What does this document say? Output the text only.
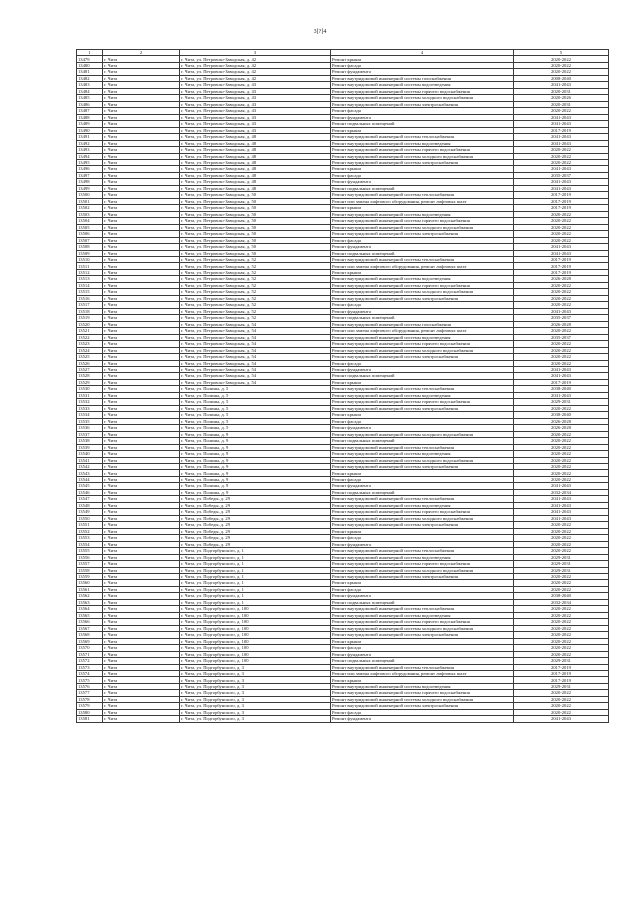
3[?]4
1	2	3	4	5
13479	г. Чита	г. Чита, ул. Петровско-Заводская, д. 42	Ремонт крыши	2020-2022
13480	г. Чита	г. Чита, ул. Петровско-Заводская, д. 42	Ремонт фасада	2020-2022
13481	г. Чита	г. Чита, ул. Петровско-Заводская, д. 42	Ремонт фундамента	2020-2022
13482	г. Чита	г. Чита, ул. Петровско-Заводская, д. 42	Ремонт внутридомовой инженерной системы газоснабжения	2008-2040
13483	г. Чита	г. Чита, ул. Петровско-Заводская, д. 43	Ремонт внутридомовой инженерной системы водоотведения	2041-2043
13484	г. Чита	г. Чита, ул. Петровско-Заводская, д. 43	Ремонт внутридомовой инженерной системы горячего водоснабжения	2020-2031
13485	г. Чита	г. Чита, ул. Петровско-Заводская, д. 43	Ремонт внутридомовой инженерной системы холодного водоснабжения	2020-2026
13486	г. Чита	г. Чита, ул. Петровско-Заводская, д. 43	Ремонт внутридомовой инженерной системы электроснабжения	2020-2031
13487	г. Чита	г. Чита, ул. Петровско-Заводская, д. 43	Ремонт фасада	2020-2022
13488	г. Чита	г. Чита, ул. Петровско-Заводская, д. 43	Ремонт фундамента	2041-2043
13489	г. Чита	г. Чита, ул. Петровско-Заводская, д. 43	Ремонт подвальных помещений	2041-2043
13490	г. Чита	г. Чита, ул. Петровско-Заводская, д. 43	Ремонт крыши	2017-2019
13491	г. Чита	г. Чита, ул. Петровско-Заводская, д. 48	Ремонт внутридомовой инженерной системы теплоснабжения	2041-2043
13492	г. Чита	г. Чита, ул. Петровско-Заводская, д. 48	Ремонт внутридомовой инженерной системы водоотведения	2041-2043
13493	г. Чита	г. Чита, ул. Петровско-Заводская, д. 48	Ремонт внутридомовой инженерной системы горячего водоснабжения	2020-2022
13494	г. Чита	г. Чита, ул. Петровско-Заводская, д. 48	Ремонт внутридомовой инженерной системы холодного водоснабжения	2020-2022
13495	г. Чита	г. Чита, ул. Петровско-Заводская, д. 48	Ремонт внутридомовой инженерной системы электроснабжения	2020-2022
13496	г. Чита	г. Чита, ул. Петровско-Заводская, д. 48	Ремонт крыши	2041-2043
13497	г. Чита	г. Чита, ул. Петровско-Заводская, д. 48	Ремонт фасада	2035-2037
13498	г. Чита	г. Чита, ул. Петровско-Заводская, д. 48	Ремонт фундамента	2041-2043
13499	г. Чита	г. Чита, ул. Петровско-Заводская, д. 48	Ремонт подвальных помещений	2041-2043
13500	г. Чита	г. Чита, ул. Петровско-Заводская, д. 50	Ремонт внутридомовой инженерной системы теплоснабжения	2017-2019
13501	г. Чита	г. Чита, ул. Петровско-Заводская, д. 50	Ремонт или замена лифтового оборудования, ремонт лифтовых шахт	2017-2019
13502	г. Чита	г. Чита, ул. Петровско-Заводская, д. 50	Ремонт крыши	2017-2019
13503	г. Чита	г. Чита, ул. Петровско-Заводская, д. 50	Ремонт внутридомовой инженерной системы водоотведения	2020-2022
13504	г. Чита	г. Чита, ул. Петровско-Заводская, д. 50	Ремонт внутридомовой инженерной системы горячего водоснабжения	2020-2022
13505	г. Чита	г. Чита, ул. Петровско-Заводская, д. 50	Ремонт внутридомовой инженерной системы холодного водоснабжения	2020-2022
13506	г. Чита	г. Чита, ул. Петровско-Заводская, д. 50	Ремонт внутридомовой инженерной системы электроснабжения	2020-2022
13507	г. Чита	г. Чита, ул. Петровско-Заводская, д. 50	Ремонт фасада	2020-2022
13508	г. Чита	г. Чита, ул. Петровско-Заводская, д. 50	Ремонт фундамента	2041-2043
13509	г. Чита	г. Чита, ул. Петровско-Заводская, д. 50	Ремонт подвальных помещений	2041-2043
13510	г. Чита	г. Чита, ул. Петровско-Заводская, д. 52	Ремонт внутридомовой инженерной системы теплоснабжения	2017-2019
13511	г. Чита	г. Чита, ул. Петровско-Заводская, д. 52	Ремонт или замена лифтового оборудования, ремонт лифтовых шахт	2017-2019
13512	г. Чита	г. Чита, ул. Петровско-Заводская, д. 52	Ремонт крыши	2017-2019
13513	г. Чита	г. Чита, ул. Петровско-Заводская, д. 52	Ремонт внутридомовой инженерной системы водоотведения	2026-2028
13514	г. Чита	г. Чита, ул. Петровско-Заводская, д. 52	Ремонт внутридомовой инженерной системы горячего водоснабжения	2020-2022
13515	г. Чита	г. Чита, ул. Петровско-Заводская, д. 52	Ремонт внутридомовой инженерной системы холодного водоснабжения	2020-2022
13516	г. Чита	г. Чита, ул. Петровско-Заводская, д. 52	Ремонт внутридомовой инженерной системы электроснабжения	2020-2022
13517	г. Чита	г. Чита, ул. Петровско-Заводская, д. 52	Ремонт фасада	2020-2022
13518	г. Чита	г. Чита, ул. Петровско-Заводская, д. 52	Ремонт фундамента	2041-2043
13519	г. Чита	г. Чита, ул. Петровско-Заводская, д. 52	Ремонт подвальных помещений	2035-2037
13520	г. Чита	г. Чита, ул. Петровско-Заводская, д. 54	Ремонт внутридомовой инженерной системы газоснабжения	2026-2028
13521	г. Чита	г. Чита, ул. Петровско-Заводская, д. 54	Ремонт или замена лифтового оборудования, ремонт лифтовых шахт	2020-2022
13522	г. Чита	г. Чита, ул. Петровско-Заводская, д. 54	Ремонт внутридомовой инженерной системы водоотведения	2035-2037
13523	г. Чита	г. Чита, ул. Петровско-Заводская, д. 54	Ремонт внутридомовой инженерной системы горячего водоснабжения	2020-2022
13524	г. Чита	г. Чита, ул. Петровско-Заводская, д. 54	Ремонт внутридомовой инженерной системы холодного водоснабжения	2020-2022
13525	г. Чита	г. Чита, ул. Петровско-Заводская, д. 54	Ремонт внутридомовой инженерной системы электроснабжения	2020-2022
13526	г. Чита	г. Чита, ул. Петровско-Заводская, д. 54	Ремонт фасада	2020-2022
13527	г. Чита	г. Чита, ул. Петровско-Заводская, д. 54	Ремонт фундамента	2041-2043
13528	г. Чита	г. Чита, ул. Петровско-Заводская, д. 54	Ремонт подвальных помещений	2041-2043
13529	г. Чита	г. Чита, ул. Петровско-Заводская, д. 54	Ремонт крыши	2017-2019
13530	г. Чита	г. Чита, ул. Полины, д. 5	Ремонт внутридомовой инженерной системы теплоснабжения	2038-2040
13531	г. Чита	г. Чита, ул. Полины, д. 5	Ремонт внутридомовой инженерной системы водоотведения	2041-2043
13532	г. Чита	г. Чита, ул. Полины, д. 5	Ремонт внутридомовой инженерной системы горячего водоснабжения	2029-2031
13533	г. Чита	г. Чита, ул. Полины, д. 5	Ремонт внутридомовой инженерной системы электроснабжения	2020-2022
13534	г. Чита	г. Чита, ул. Полины, д. 5	Ремонт крыши	2038-2040
13535	г. Чита	г. Чита, ул. Полины, д. 5	Ремонт фасада	2026-2028
13536	г. Чита	г. Чита, ул. Полины, д. 5	Ремонт фундамента	2026-2028
13537	г. Чита	г. Чита, ул. Полины, д. 9	Ремонт внутридомовой инженерной системы холодного водоснабжения	2020-2022
13538	г. Чита	г. Чита, ул. Полины, д. 9	Ремонт подвальных помещений	2020-2022
13539	г. Чита	г. Чита, ул. Полины, д. 9	Ремонт внутридомовой инженерной системы теплоснабжения	2020-2022
13540	г. Чита	г. Чита, ул. Полины, д. 9	Ремонт внутридомовой инженерной системы водоотведения	2020-2022
13541	г. Чита	г. Чита, ул. Полины, д. 9	Ремонт внутридомовой инженерной системы холодного водоснабжения	2020-2022
13542	г. Чита	г. Чита, ул. Полины, д. 9	Ремонт внутридомовой инженерной системы электроснабжения	2020-2022
13543	г. Чита	г. Чита, ул. Полины, д. 9	Ремонт крыши	2020-2022
13544	г. Чита	г. Чита, ул. Полины, д. 9	Ремонт фасада	2020-2022
13545	г. Чита	г. Чита, ул. Полины, д. 9	Ремонт фундамента	2041-2043
13546	г. Чита	г. Чита, ул. Полины, д. 9	Ремонт подвальных помещений	2032-2034
13547	г. Чита	г. Чита, ул. Победы, д. 29	Ремонт внутридомовой инженерной системы теплоснабжения	2041-2043
13548	г. Чита	г. Чита, ул. Победы, д. 29	Ремонт внутридомовой инженерной системы водоотведения	2041-2043
13549	г. Чита	г. Чита, ул. Победы, д. 29	Ремонт внутридомовой инженерной системы горячего водоснабжения	2041-2043
13550	г. Чита	г. Чита, ул. Победы, д. 29	Ремонт внутридомовой инженерной системы холодного водоснабжения	2041-2043
13551	г. Чита	г. Чита, ул. Победы, д. 29	Ремонт внутридомовой инженерной системы электроснабжения	2020-2022
13552	г. Чита	г. Чита, ул. Победы, д. 29	Ремонт крыши	2020-2022
13553	г. Чита	г. Чита, ул. Победы, д. 29	Ремонт фасада	2020-2022
13554	г. Чита	г. Чита, ул. Победы, д. 29	Ремонт фундамента	2020-2022
13555	г. Чита	г. Чита, ул. Подгорбунского, д. 1	Ремонт внутридомовой инженерной системы теплоснабжения	2020-2022
13556	г. Чита	г. Чита, ул. Подгорбунского, д. 1	Ремонт внутридомовой инженерной системы водоотведения	2029-2031
13557	г. Чита	г. Чита, ул. Подгорбунского, д. 1	Ремонт внутридомовой инженерной системы горячего водоснабжения	2029-2031
13558	г. Чита	г. Чита, ул. Подгорбунского, д. 1	Ремонт внутридомовой инженерной системы холодного водоснабжения	2029-2031
13559	г. Чита	г. Чита, ул. Подгорбунского, д. 1	Ремонт внутридомовой инженерной системы электроснабжения	2020-2022
13560	г. Чита	г. Чита, ул. Подгорбунского, д. 1	Ремонт крыши	2020-2022
13561	г. Чита	г. Чита, ул. Подгорбунского, д. 1	Ремонт фасада	2020-2022
13562	г. Чита	г. Чита, ул. Подгорбунского, д. 1	Ремонт фундамента	2038-2040
13563	г. Чита	г. Чита, ул. Подгорбунского, д. 1	Ремонт подвальных помещений	2032-2034
13564	г. Чита	г. Чита, ул. Подгорбунского, д. 100	Ремонт внутридомовой инженерной системы теплоснабжения	2020-2022
13565	г. Чита	г. Чита, ул. Подгорбунского, д. 100	Ремонт внутридомовой инженерной системы водоотведения	2020-2022
13566	г. Чита	г. Чита, ул. Подгорбунского, д. 100	Ремонт внутридомовой инженерной системы горячего водоснабжения	2020-2022
13567	г. Чита	г. Чита, ул. Подгорбунского, д. 100	Ремонт внутридомовой инженерной системы холодного водоснабжения	2020-2022
13568	г. Чита	г. Чита, ул. Подгорбунского, д. 100	Ремонт внутридомовой инженерной системы электроснабжения	2020-2022
13569	г. Чита	г. Чита, ул. Подгорбунского, д. 100	Ремонт крыши	2020-2022
13570	г. Чита	г. Чита, ул. Подгорбунского, д. 100	Ремонт фасада	2020-2022
13571	г. Чита	г. Чита, ул. Подгорбунского, д. 100	Ремонт фундамента	2020-2022
13572	г. Чита	г. Чита, ул. Подгорбунского, д. 100	Ремонт подвальных помещений	2029-2031
13573	г. Чита	г. Чита, ул. Подгорбунского, д. 3	Ремонт внутридомовой инженерной системы теплоснабжения	2017-2019
13574	г. Чита	г. Чита, ул. Подгорбунского, д. 3	Ремонт или замена лифтового оборудования, ремонт лифтовых шахт	2017-2019
13575	г. Чита	г. Чита, ул. Подгорбунского, д. 3	Ремонт крыши	2017-2019
13576	г. Чита	г. Чита, ул. Подгорбунского, д. 3	Ремонт внутридомовой инженерной системы водоотведения	2029-2031
13577	г. Чита	г. Чита, ул. Подгорбунского, д. 3	Ремонт внутридомовой инженерной системы горячего водоснабжения	2020-2022
13578	г. Чита	г. Чита, ул. Подгорбунского, д. 3	Ремонт внутридомовой инженерной системы холодного водоснабжения	2020-2022
13579	г. Чита	г. Чита, ул. Подгорбунского, д. 3	Ремонт внутридомовой инженерной системы электроснабжения	2020-2022
13580	г. Чита	г. Чита, ул. Подгорбунского, д. 3	Ремонт фасада	2020-2022
13581	г. Чита	г. Чита, ул. Подгорбунского, д. 3	Ремонт фундамента	2041-2043
